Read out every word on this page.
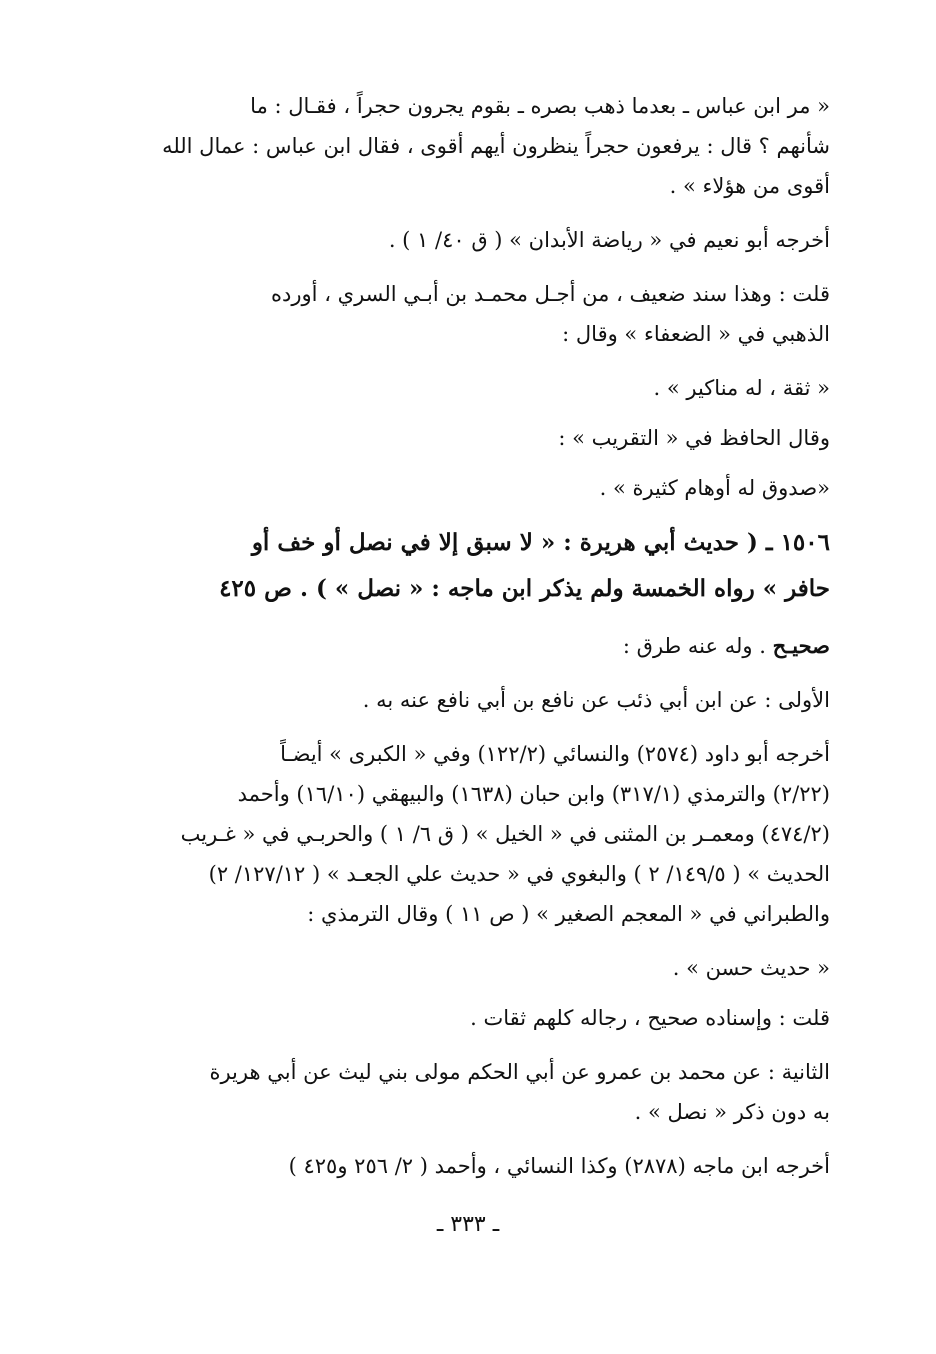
« مر ابن عباس ـ بعدما ذهب بصره ـ بقوم يجرون حجراً ، فقـال : ما
شأنهم ؟ قال : يرفعون حجراً ينظرون أيهم أقوى ، فقال ابن عباس : عمال الله
أقوى من هؤلاء » .
أخرجه أبو نعيم في « رياضة الأبدان » ( ق ٤٠/ ١ ) .
قلت : وهذا سند ضعيف ، من أجـل محمـد بن أبـي السري ، أورده
الذهبي في « الضعفاء » وقال :
« ثقة ، له مناكير » .
وقال الحافظ في « التقريب » :
«صدوق له أوهام كثيرة » .
١٥٠٦ ـ ( حديث أبي هريرة : « لا سبق إلا في نصل أو خف أو
حافر » رواه الخمسة ولم يذكر ابن ماجه : « نصل » ) . ص ٤٢٥
صحيـح . وله عنه طرق :
الأولى : عن ابن أبي ذئب عن نافع بن أبي نافع عنه به .
أخرجه أبو داود (٢٥٧٤) والنسائي (١٢٢/٢) وفي « الكبرى » أيضـاً
(٢/٢٢) والترمذي (٣١٧/١) وابن حبان (١٦٣٨) والبيهقي (١٦/١٠) وأحمد
(٤٧٤/٢) ومعمـر بن المثنى في « الخيل » ( ق ٦/ ١ ) والحربـي في « غـريب
الحديث » ( ١٤٩/٥/ ٢ ) والبغوي في « حديث علي الجعـد » ( ١٢٧/١٢/ ٢)
والطبراني في « المعجم الصغير » ( ص ١١ ) وقال الترمذي :
« حديث حسن » .
قلت : وإسناده صحيح ، رجاله كلهم ثقات .
الثانية : عن محمد بن عمرو عن أبي الحكم مولى بني ليث عن أبي هريرة
به دون ذكر « نصل » .
أخرجه ابن ماجه (٢٨٧٨) وكذا النسائي ، وأحمد ( ٢/ ٢٥٦ و٤٢٥ )
ـ ٣٣٣ ـ
